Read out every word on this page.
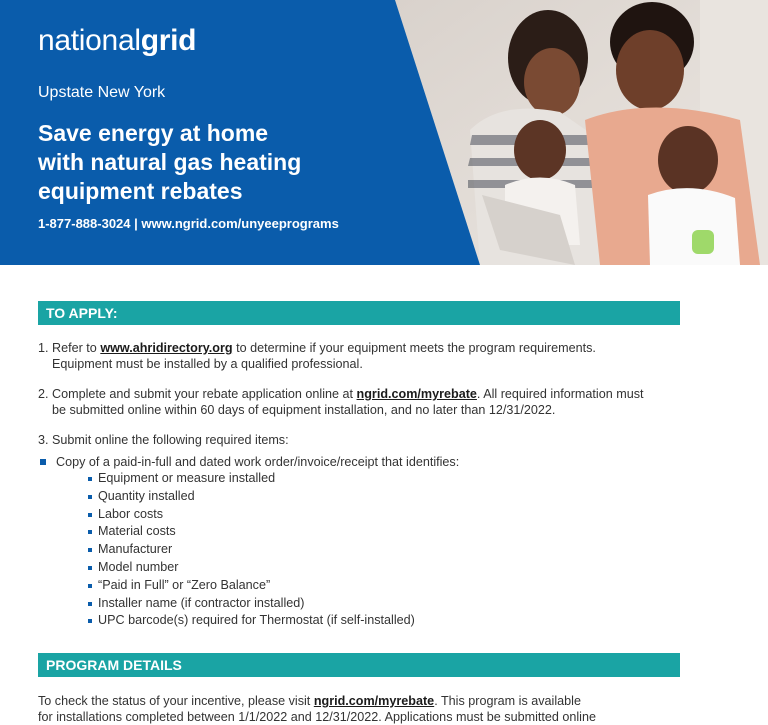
nationalgrid
Upstate New York
Save energy at home
with natural gas heating
equipment rebates
1-877-888-3024 | www.ngrid.com/unyeeprograms
TO APPLY:
1. Refer to www.ahridirectory.org to determine if your equipment meets the program requirements.
Equipment must be installed by a qualified professional.
2. Complete and submit your rebate application online at ngrid.com/myrebate. All required information must
be submitted online within 60 days of equipment installation, and no later than 12/31/2022.
3. Submit online the following required items:
Copy of a paid-in-full and dated work order/invoice/receipt that identifies:
Equipment or measure installed
Quantity installed
Labor costs
Material costs
Manufacturer
Model number
“Paid in Full” or “Zero Balance”
Installer name (if contractor installed)
UPC barcode(s) required for Thermostat (if self-installed)
PROGRAM DETAILS
To check the status of your incentive, please visit ngrid.com/myrebate. This program is available
for installations completed between 1/1/2022 and 12/31/2022. Applications must be submitted online
